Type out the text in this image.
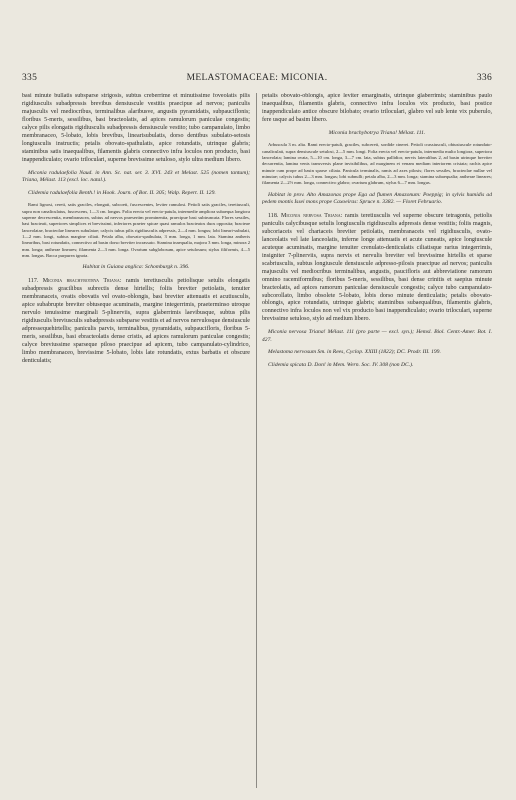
335	MELASTOMACEAE: MICONIA.	336

basi minute bullatis subsparse strigosis, subtus creberrime et minutissime foveolatis pilis rigidiusculis subadpressis brevibus densiuscule vestitis praecipue ad nervos; paniculis majusculis vel mediocribus, terminalibus alaribusve, angustis pyramidatis, subpauciflonis; floribus 5-meris, sessilibus, basi bracteolatis, ad apices ramulorum paniculae congestis; calyce pilis elongatis rigidiusculis subadpressis densiuscule vestito; tubo campanulato, limbo membranaceo, 5-lobato, lobis brevibus, linearisubulatis, dorso dentibus subulato-setosis longiusculis instructis; petalis obovato-spathulatis, apice rotundatis, utrinque glabris; staminibus satis inaequalibus, filamentis glabris connectivo infra loculos non producto, basi inappendiculato; ovario triloculari, superne brevissime setuloso, stylo ultra medium libero.

Miconia radulaefolia Naud. in Ann. Sc. nat. ser. 3. XVI. 243 et Melast. 525 (nomen tantum); Triana, Mélast. 113 (excl. loc. natal.).

Clidemia radulaefolia Benth.! in Hook. Journ. of Bot. II. 305; Walp. Repert. II. 129.

Rami lignosi, cereti, satis graciles, elongati, subcoeti, fuscescentes, leviter ramulosi. Petioli satis graciles, teretiusculi, supra non canaliculatus, fuscescens, 1—3 cm. longus. Folia erecta vel erecto-patula, intermedie ampliora subaequa longiora superne decrescentia, membranacea, subtus ad nervos praesertim prominentia, praecipue basi subtruncata. Flores sessiles, basi bracteati, superiores simplices et brevissimi, inferiores praeter spicae quasi ramulos bracteatos duos opposita; bracteae lanceolatae, bracteolae lineares subulatae; calycis tubus pilis rigidiusculis adpressis, 2—4 mm. longus; lobi lineari-subulati, 1—2 mm. longi, subtus margine ciliati. Petala alba, obovato-spathulata, 3 mm. longa, 1 mm. lata. Stamina antheris linearibus, basi rotundatis, connectivo ad basin dorso breviter incrassato. Stamina inaequalia, majora 3 mm. longa, minora 2 mm. longa; antherae lineares; filamenta 2—3 mm. longa. Ovarium subglobosum, apice setulosum; stylus filiformis, 4—5 mm. longus. Bacca purpurea ignota.

Habitat in Guiana anglica: Schomburgk n. 396.

117. Miconia brachybotrya Triana: ramis teretiusculis petiolisque setulis elongatis subadpressis gracilibus subrectis dense hirtellis; foliis breviter petiolatis, tenuiter membranaceis, ovatis obovatis vel ovato-oblongis, basi breviter attenuatis et acutiusculis, apice subabrupte breviter obtuseque acuminatis, margine integerrimis, praeterminso utroque nervulo tenuissime marginali 5-plinerviis, supra glaberrimis laevibusque, subtus pilis rigidiusculis breviusculis subadpressis subsparse vestitis et ad nervos nervulosque densiuscule adpressequehirtellis; paniculis parvis, terminalibus, pyramidatis, subpaucifloris, floribus 5-meris, sessilibus, basi ebracteolatis dense cristis, ad apices ramulorum paniculae congestis; calyce breviussime sparseque piloso praecipue ad apicem, tubo campanulato-cylindrico, limbo membranaceo, brevissime 5-lobato, lobis late rotundatis, extus barbatis et obscure denticulatis;

petalis obovato-oblongis, apice leviter emarginatis, utrinque glaberrimis; staminibus paulo inaequalibus, filamentis glabris, connectivo infra loculos vix producto, basi postice inappendiculato antice obscure bilobato; ovario triloculari, glabro vel sub lente vix puberulo, fere usque ad basim libero.

Miconia brachybotrya Triana! Mélast. 111.

Arbuscula 3 m. alta. Rami erecto-patuli, graciles, subcereti, sordide cinerei. Petioli crassiusculi, obtusiuscule rotundato-canaliculati, supra densiuscule setulosi, 2—5 mm. longi. Folia erecta vel erecto-patula, intermedia multo longiora, superiora lanceolata; lamina ovata, 5—10 cm. longa, 3—7 cm. lata, subtus pallidior, nervis lateralibus 2, ad basin utrinque breviter decurrentia, lamina venis transversis plane invisibilibus, ad marginem et venam mediam interiorem cristata; rachis apice minute cum prope ad basin sparse ciliata. Panicula terminalis, ramis ad axes pilosis; flores sessiles, bracteolae nullae vel minutae; calycis tubus 2—3 mm. longus; lobi subnulli; petala alba, 2—3 mm. longa; stamina subaequalia; antherae lineares; filamenta 2—2½ mm. longa, connectivo glabro; ovarium glabrum, stylus 6—7 mm. longus.

Habitat in prov. Alto Amazonas prope Ega ad flumen Amazonum: Poeppig; in sylvis humidis ad pedem montis Issei mons prope Caxoeiras: Spruce n. 3382. — Floret Februario.

118. Miconia nervosa Triana: ramis teretiusculis vel superne obscure tetragonis, petiolis paniculis calycibusque setulis longiusculis rigidiusculis adpressis dense vestitis; foliis magnis, subcoriaceis vel chartaceis breviter petiolatis, membranaceis vel rigidiusculis, ovato-lanceolatis vel late lanceolatis, inferne longe attenuatis et acute cuneatis, apice longiuscule acuteque acuminatis, margine tenuiter crenulato-denticulatis ciliatisque rarius integerrimis, insigniter 7-plinerviis, supra nervis et nervulis breviter vel brevissime hirtellis et sparse scabriusculis, subtus longiuscule densiuscule adpresso-pilosis praecipue ad nervos; paniculis majusculis vel mediocribus terminalibus, angustis, paucifloris aut abbreviatione ramorum omnino racemiformibus; floribus 5-meris, sessilibus, basi dense crinitis et saepius minute bracteolatis, ad apices ramorum paniculae densiuscule congestis; calyce tubo campanulato-subcorollato, limbo obsolete 5-lobato, lobis dorso minute denticulatis; petalis obovato-oblongis, apice rotundatis, utrinque glabris; staminibus subaequalibus, filamentis glabris, connectivo infra loculos non vel vix producto basi inappendiculato; ovario triloculari, superne brevissime setuloso, stylo ad medium libero.

Miconia nervosa Triana! Mélast. 111 (pro parte — excl. syn.); Hemsl. Biol. Centr.-Amer. Bot. I. 427.

Melastoma nervosum Sm. in Rees, Cyclop. XXIII (1822); DC. Prodr. III. 199.

Clidemia spicata D. Don! in Mem. Wern. Soc. IV. 308 (non DC.).
